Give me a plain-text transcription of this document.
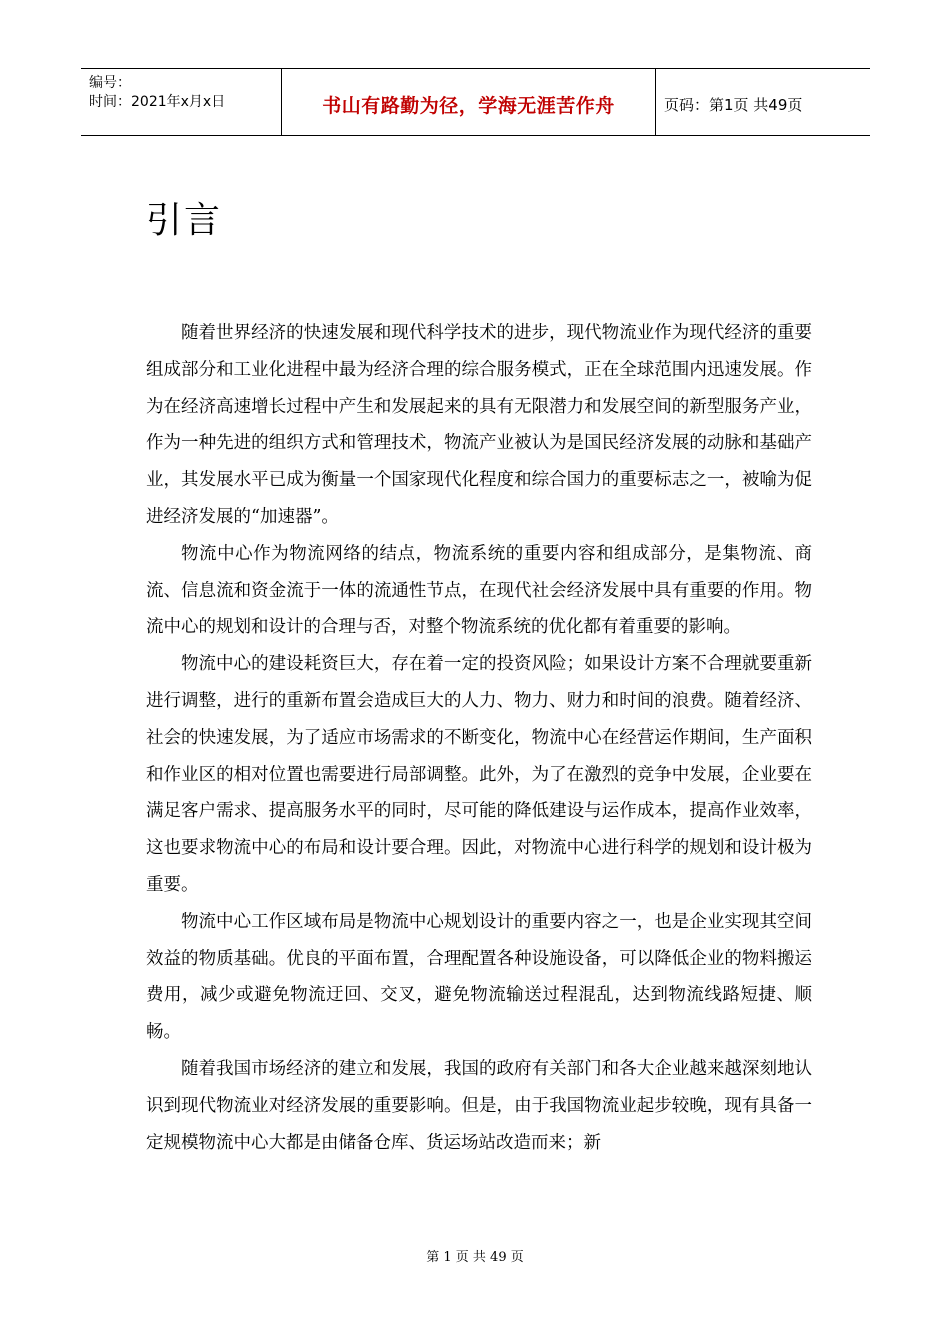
编号：
时间：2021年x月x日	书山有路勤为径，学海无涯苦作舟	页码：第1页 共49页
引言

随着世界经济的快速发展和现代科学技术的进步，现代物流业作为现代经济的重要组成部分和工业化进程中最为经济合理的综合服务模式，正在全球范围内迅速发展。作为在经济高速增长过程中产生和发展起来的具有无限潜力和发展空间的新型服务产业，作为一种先进的组织方式和管理技术，物流产业被认为是国民经济发展的动脉和基础产业，其发展水平已成为衡量一个国家现代化程度和综合国力的重要标志之一，被喻为促进经济发展的“加速器”。

物流中心作为物流网络的结点，物流系统的重要内容和组成部分，是集物流、商流、信息流和资金流于一体的流通性节点，在现代社会经济发展中具有重要的作用。物流中心的规划和设计的合理与否，对整个物流系统的优化都有着重要的影响。

物流中心的建设耗资巨大，存在着一定的投资风险；如果设计方案不合理就要重新进行调整，进行的重新布置会造成巨大的人力、物力、财力和时间的浪费。随着经济、社会的快速发展，为了适应市场需求的不断变化，物流中心在经营运作期间，生产面积和作业区的相对位置也需要进行局部调整。此外，为了在激烈的竞争中发展，企业要在满足客户需求、提高服务水平的同时，尽可能的降低建设与运作成本，提高作业效率，这也要求物流中心的布局和设计要合理。因此，对物流中心进行科学的规划和设计极为重要。

物流中心工作区域布局是物流中心规划设计的重要内容之一，也是企业实现其空间效益的物质基础。优良的平面布置，合理配置各种设施设备，可以降低企业的物料搬运费用，减少或避免物流迂回、交叉，避免物流输送过程混乱，达到物流线路短捷、顺畅。

随着我国市场经济的建立和发展，我国的政府有关部门和各大企业越来越深刻地认识到现代物流业对经济发展的重要影响。但是，由于我国物流业起步较晚，现有具备一定规模物流中心大都是由储备仓库、货运场站改造而来；新

第 1 页 共 49 页
